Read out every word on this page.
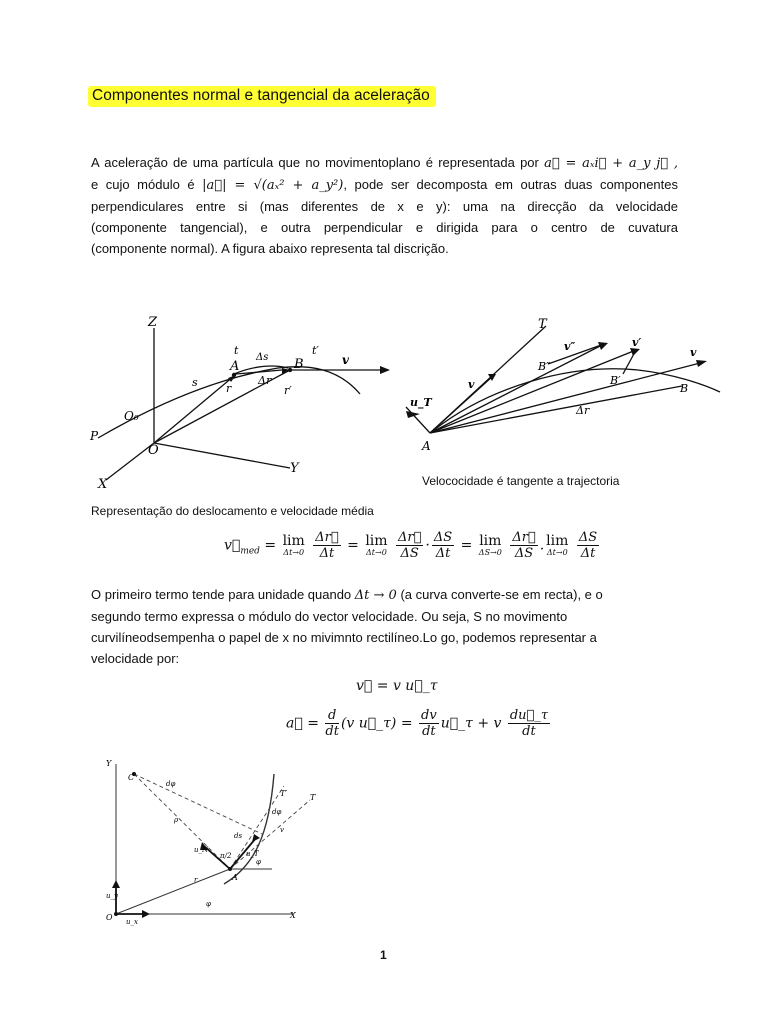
Componentes normal e tangencial da aceleração
A aceleração de uma partícula que no movimentoplano é representada por a⃗ = aₓi⃗ + a_y j⃗ ,
e cujo módulo é |a⃗| = √(aₓ² + a_y²), pode ser decomposta em outras duas componentes
perpendiculares entre si (mas diferentes de x e y): uma na direcção da velocidade
(componente tangencial), e outra perpendicular e dirigida para o centro de cuvatura
(componente normal). A figura abaixo representa tal discrição.
Z
X
Y
O
O₀
P
A	B
s
Δs
Δr
r	r′
t	t′
v
T
u_T
v
v″	v′
v
B″
B′
B
Δr
A
Velococidade é tangente a trajectoria
Representação do deslocamento e velocidade média
$v⃗_{med} = \lim$
Δt→0
$\frac{\Delta r⃗}{\Delta t} = \lim$
Δt→0
$\frac{\Delta r⃗}{\Delta S} \cdot \frac{\Delta S}{\Delta t} = \lim$
ΔS→0
$\frac{\Delta r⃗}{\Delta S}$ . lim
Δt→0
$\frac{\Delta S}{\Delta t}$
O primeiro termo tende para unidade quando Δt → 0 (a curva converte-se em recta), e o
segundo termo expressa o módulo do vector velocidade. Ou seja, S no movimento
curvilíneodsempenha o papel de x no mivimnto rectilíneo.Lo go, podemos representar a
velocidade por:
v⃗ = v u⃗_τ
a⃗ = $\frac{d}{dt} (v$ u⃗_τ) = $\frac{dv}{dt}$ u⃗_τ + v $\frac{du⃗\_\tau}{dt}$
Y
X
C
O
A
T
T′
u_N	u_T
u_y
u_x
dφ
dφ
ds
ρ
φ
φ
r
π/2
v
1
